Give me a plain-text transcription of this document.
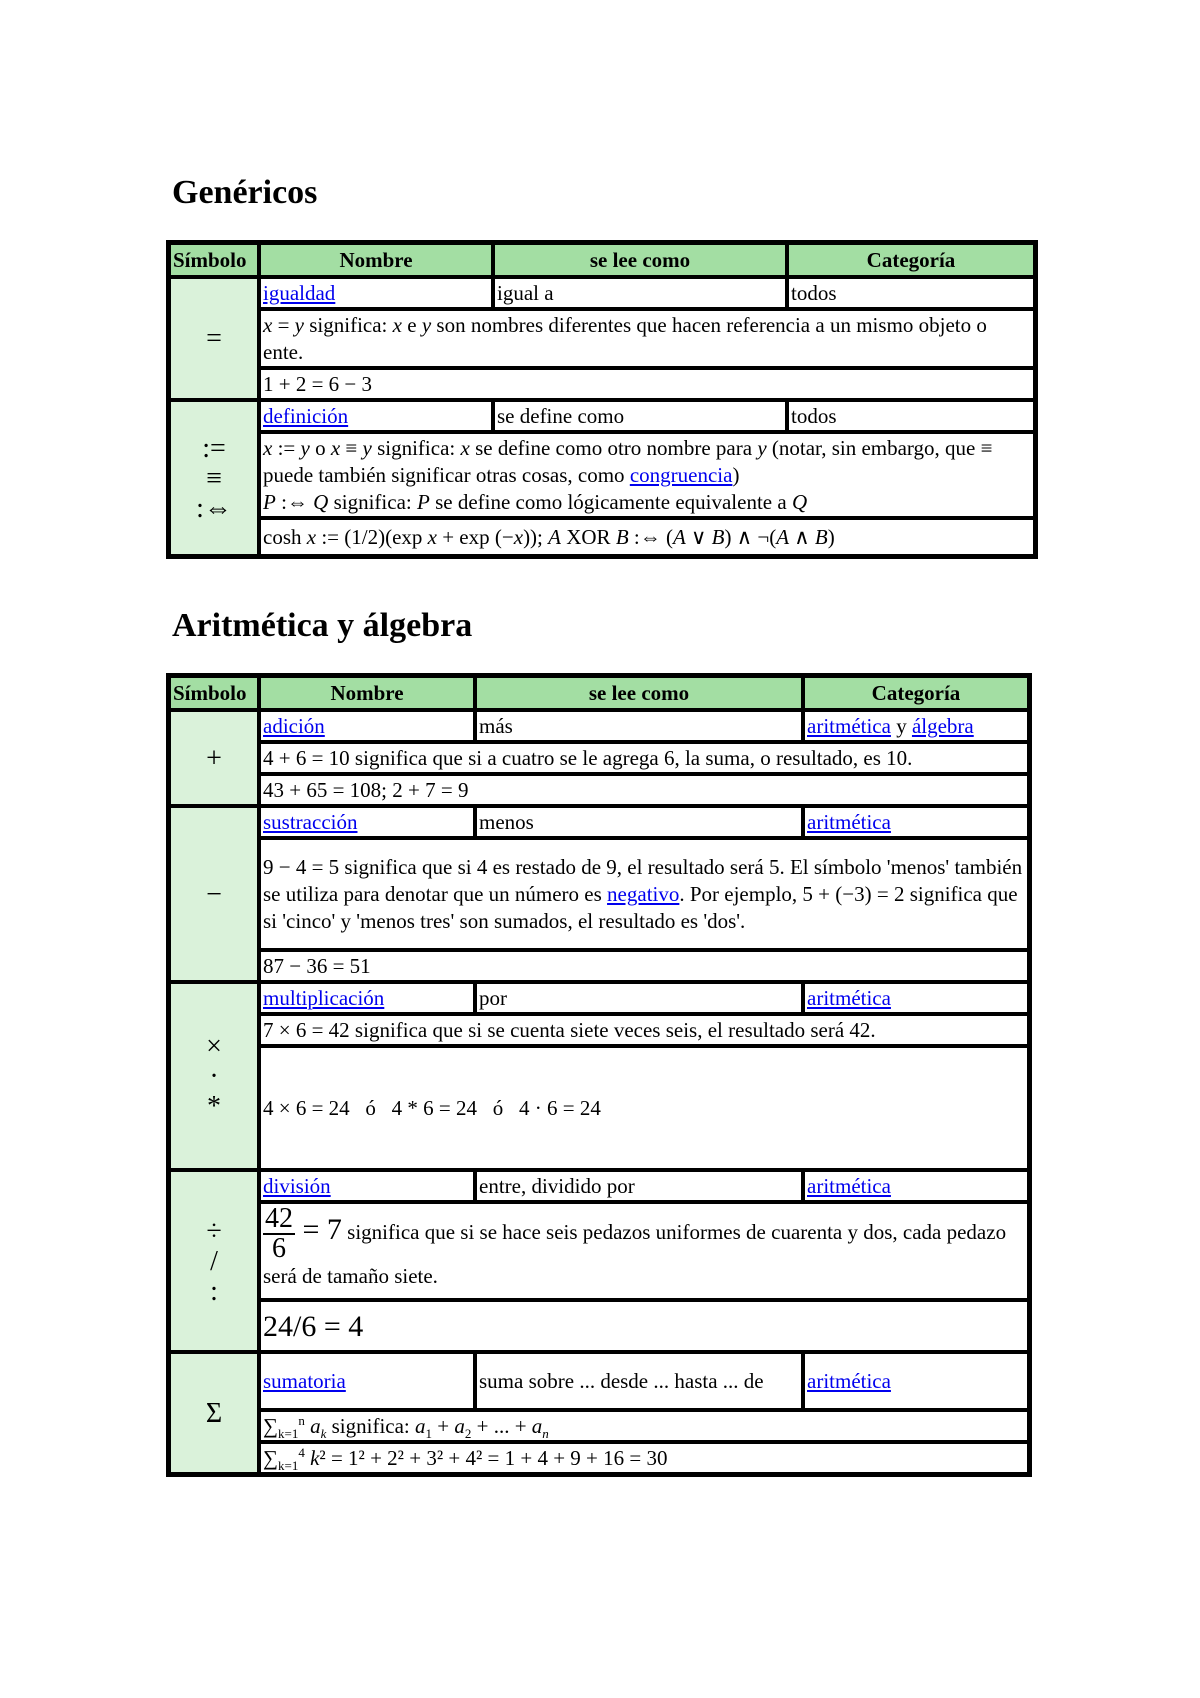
Genéricos
Símbolo	Nombre	se lee como	Categoría
=	igualdad	igual a	todos
	x = y significa: x e y son nombres diferentes que hacen referencia a un mismo objeto o ente.		
	1 + 2 = 6 − 3		

:=
≡
:⇔	definición	se define como	todos
	x := y o x ≡ y significa: x se define como otro nombre para y (notar, sin embargo, que ≡ puede también significar otras cosas, como congruencia)
P :⇔ Q significa: P se define como lógicamente equivalente a Q		
	cosh x := (1/2)(exp x + exp (−x)); A XOR B :⇔ (A ∨ B) ∧ ¬(A ∧ B)		
Aritmética y álgebra
Símbolo	Nombre	se lee como	Categoría
+	adición	más	aritmética y álgebra
	4 + 6 = 10 significa que si a cuatro se le agrega 6, la suma, o resultado, es 10.		
	43 + 65 = 108; 2 + 7 = 9		
−	sustracción	menos	aritmética
	9 − 4 = 5 significa que si 4 es restado de 9, el resultado será 5. El símbolo 'menos' también se utiliza para denotar que un número es negativo. Por ejemplo, 5 + (−3) = 2 significa que si 'cinco' y 'menos tres' son sumados, el resultado es 'dos'.		
	87 − 36 = 51		

×
·
*	multiplicación	por	aritmética
	7 × 6 = 42 significa que si se cuenta siete veces seis, el resultado será 42.		
	4 × 6 = 24   ó   4 * 6 = 24   ó   4 · 6 = 24		

÷
/
:	división	entre, dividido por	aritmética

	$\frac{42}{6} = 7$ significa que si se hace seis pedazos uniformes de cuarenta y dos, cada pedazo será de tamaño siete.		
	24/6 = 4		
Σ	sumatoria	suma sobre ... desde ... hasta ... de	aritmética
	$\sum_{k=1}^n$ $a_k$ significa: $a_1 + a_2$ + ... + $a_n$
	$\sum_{k=1}^4$ k² = 1² + 2² + 3² + 4² = 1 + 4 + 9 + 16 = 30		
